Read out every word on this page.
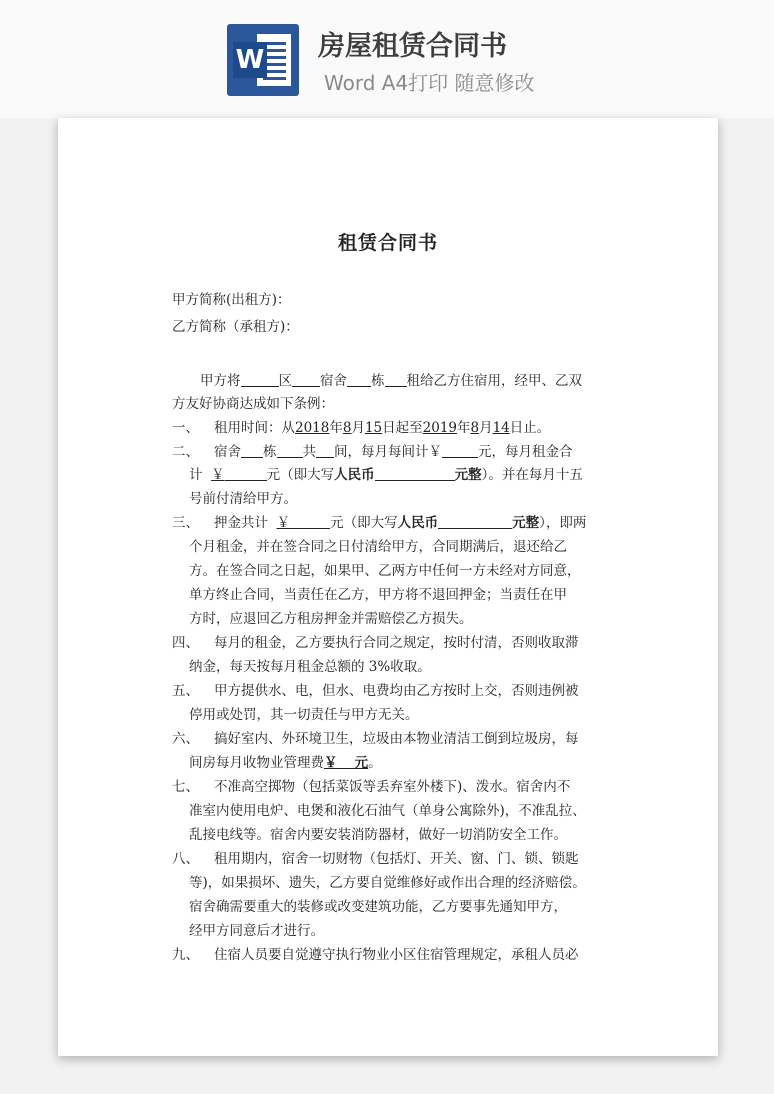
W 房屋租赁合同书
Word A4打印 随意修改
​
租赁合同书
甲方简称(出租方)：
乙方简称（承租方)：
甲方将	区 宿舍 栋 租给乙方住宿用，经甲、乙双
方友好协商达成如下条例：
一、 租用时间：从2018年8月15日起至2019年8月14日止。
二、 宿舍 栋 共 间，每月每间计￥	元，每月租金合
计 ￥	元（即大写人民币	元整）。并在每月十五
号前付清给甲方。
三、 押金共计 ￥	元（即大写人民币	元整），即两
个月租金，并在签合同之日付清给甲方，合同期满后，退还给乙
方。在签合同之日起，如果甲、乙两方中任何一方未经对方同意，
单方终止合同，当责任在乙方，甲方将不退回押金；当责任在甲
方时，应退回乙方租房押金并需赔偿乙方损失。
四、 每月的租金，乙方要执行合同之规定，按时付清，否则收取滞
纳金，每天按每月租金总额的 3%收取。
五、 甲方提供水、电，但水、电费均由乙方按时上交，否则违例被
停用或处罚，其一切责任与甲方无关。
六、 搞好室内、外环境卫生，垃圾由本物业清洁工倒到垃圾房，每
间房每月收物业管理费￥ 元。
七、 不准高空掷物（包括菜饭等丢弃室外楼下)、泼水。宿舍内不
准室内使用电炉、电煲和液化石油气（单身公寓除外)，不准乱拉、
乱接电线等。宿舍内要安装消防器材，做好一切消防安全工作。
八、 租用期内，宿舍一切财物（包括灯、开关、窗、门、锁、锁匙
等)，如果损坏、遗失，乙方要自觉维修好或作出合理的经济赔偿。
宿舍确需要重大的装修或改变建筑功能，乙方要事先通知甲方，
经甲方同意后才进行。
九、 住宿人员要自觉遵守执行物业小区住宿管理规定，承租人员必
